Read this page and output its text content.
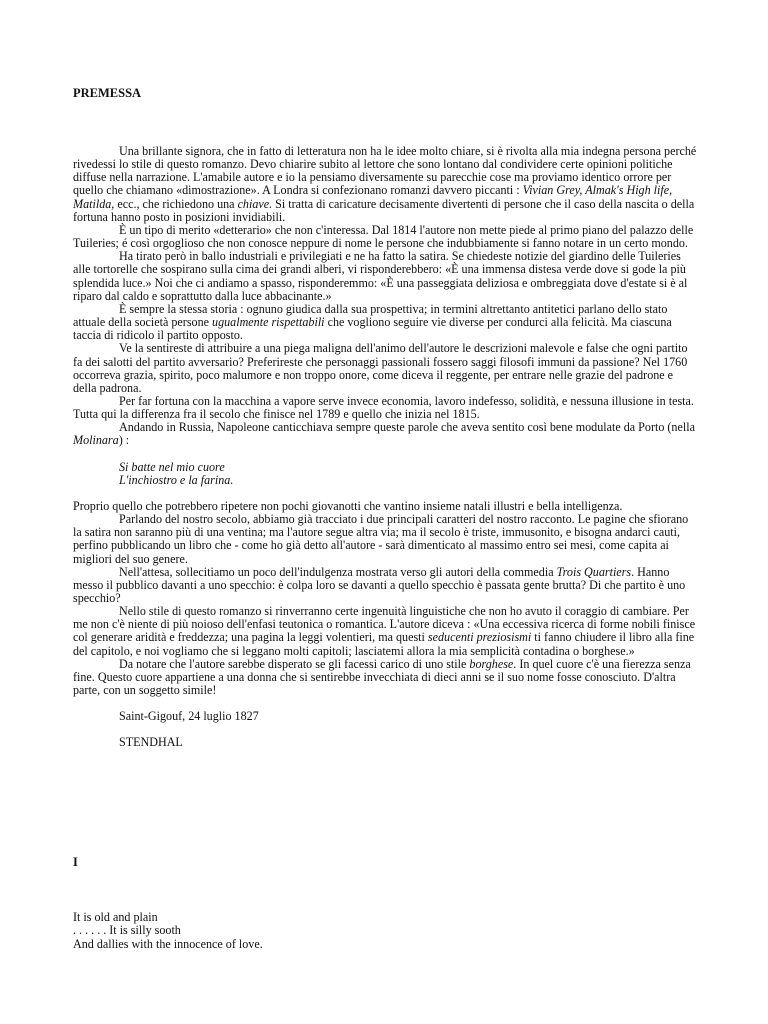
PREMESSA

Una brillante signora, che in fatto di letteratura non ha le idee molto chiare, si è rivolta alla mia indegna persona perché rivedessi lo stile di questo romanzo. Devo chiarire subito al lettore che sono lontano dal condividere certe opinioni politiche diffuse nella narrazione. L'amabile autore e io la pensiamo diversamente su parecchie cose ma proviamo identico orrore per quello che chiamano «dimostrazione». A Londra si confezionano romanzi davvero piccanti : Vivian Grey, Almak's High life, Matilda, ecc., che richiedono una chiave. Si tratta di caricature decisamente divertenti di persone che il caso della nascita o della fortuna hanno posto in posizioni invidiabili.

È un tipo di merito «detterario» che non c'interessa. Dal 1814 l'autore non mette piede al primo piano del palazzo delle Tuileries; é così orgoglioso che non conosce neppure di nome le persone che indubbiamente si fanno notare in un certo mondo.

Ha tirato però in ballo industriali e privilegiati e ne ha fatto la satira. Se chiedeste notizie del giardino delle Tuileries alle tortorelle che sospirano sulla cima dei grandi alberi, vi risponderebbero: «È una immensa distesa verde dove si gode la più splendida luce.» Noi che ci andiamo a spasso, risponderemmo: «È una passeggiata deliziosa e ombreggiata dove d'estate si è al riparo dal caldo e soprattutto dalla luce abbacinante.»

È sempre la stessa storia : ognuno giudica dalla sua prospettiva; in termini altrettanto antitetici parlano dello stato attuale della società persone ugualmente rispettabili che vogliono seguire vie diverse per condurci alla felicità. Ma ciascuna taccia di ridicolo il partito opposto.

Ve la sentireste di attribuire a una piega maligna dell'animo dell'autore le descrizioni malevole e false che ogni partito fa dei salotti del partito avversario? Preferireste che personaggi passionali fossero saggi filosofi immuni da passione? Nel 1760 occorreva grazia, spirito, poco malumore e non troppo onore, come diceva il reggente, per entrare nelle grazie del padrone e della padrona.

Per far fortuna con la macchina a vapore serve invece economia, lavoro indefesso, solidità, e nessuna illusione in testa. Tutta qui la differenza fra il secolo che finisce nel 1789 e quello che inizia nel 1815.

Andando in Russia, Napoleone canticchiava sempre queste parole che aveva sentito così bene modulate da Porto (nella Molinara) :

Si batte nel mio cuore
L'inchiostro e la farina.

Proprio quello che potrebbero ripetere non pochi giovanotti che vantino insieme natali illustri e bella intelligenza.

Parlando del nostro secolo, abbiamo già tracciato i due principali caratteri del nostro racconto. Le pagine che sfiorano la satira non saranno più di una ventina; ma l'autore segue altra via; ma il secolo è triste, immusonito, e bisogna andarci cauti, perfino pubblicando un libro che - come ho già detto all'autore - sarà dimenticato al massimo entro sei mesi, come capita ai migliori del suo genere.

Nell'attesa, sollecitiamo un poco dell'indulgenza mostrata verso gli autori della commedia Trois Quartiers. Hanno messo il pubblico davanti a uno specchio: è colpa loro se davanti a quello specchio è passata gente brutta? Di che partito è uno specchio?

Nello stile di questo romanzo si rinverranno certe ingenuità linguistiche che non ho avuto il coraggio di cambiare. Per me non c'è niente di più noioso dell'enfasi teutonica o romantica. L'autore diceva : «Una eccessiva ricerca di forme nobili finisce col generare aridità e freddezza; una pagina la leggi volentieri, ma questi seducenti preziosismi ti fanno chiudere il libro alla fine del capitolo, e noi vogliamo che si leggano molti capitoli; lasciatemi allora la mia semplicità contadina o borghese.»

Da notare che l'autore sarebbe disperato se gli facessi carico di uno stile borghese. In quel cuore c'è una fierezza senza fine. Questo cuore appartiene a una donna che si sentirebbe invecchiata di dieci anni se il suo nome fosse conosciuto. D'altra parte, con un soggetto simile!

Saint-Gigouf, 24 luglio 1827

STENDHAL

I
It is old and plain
. . . . . . It is silly sooth
And dallies with the innocence of love.
